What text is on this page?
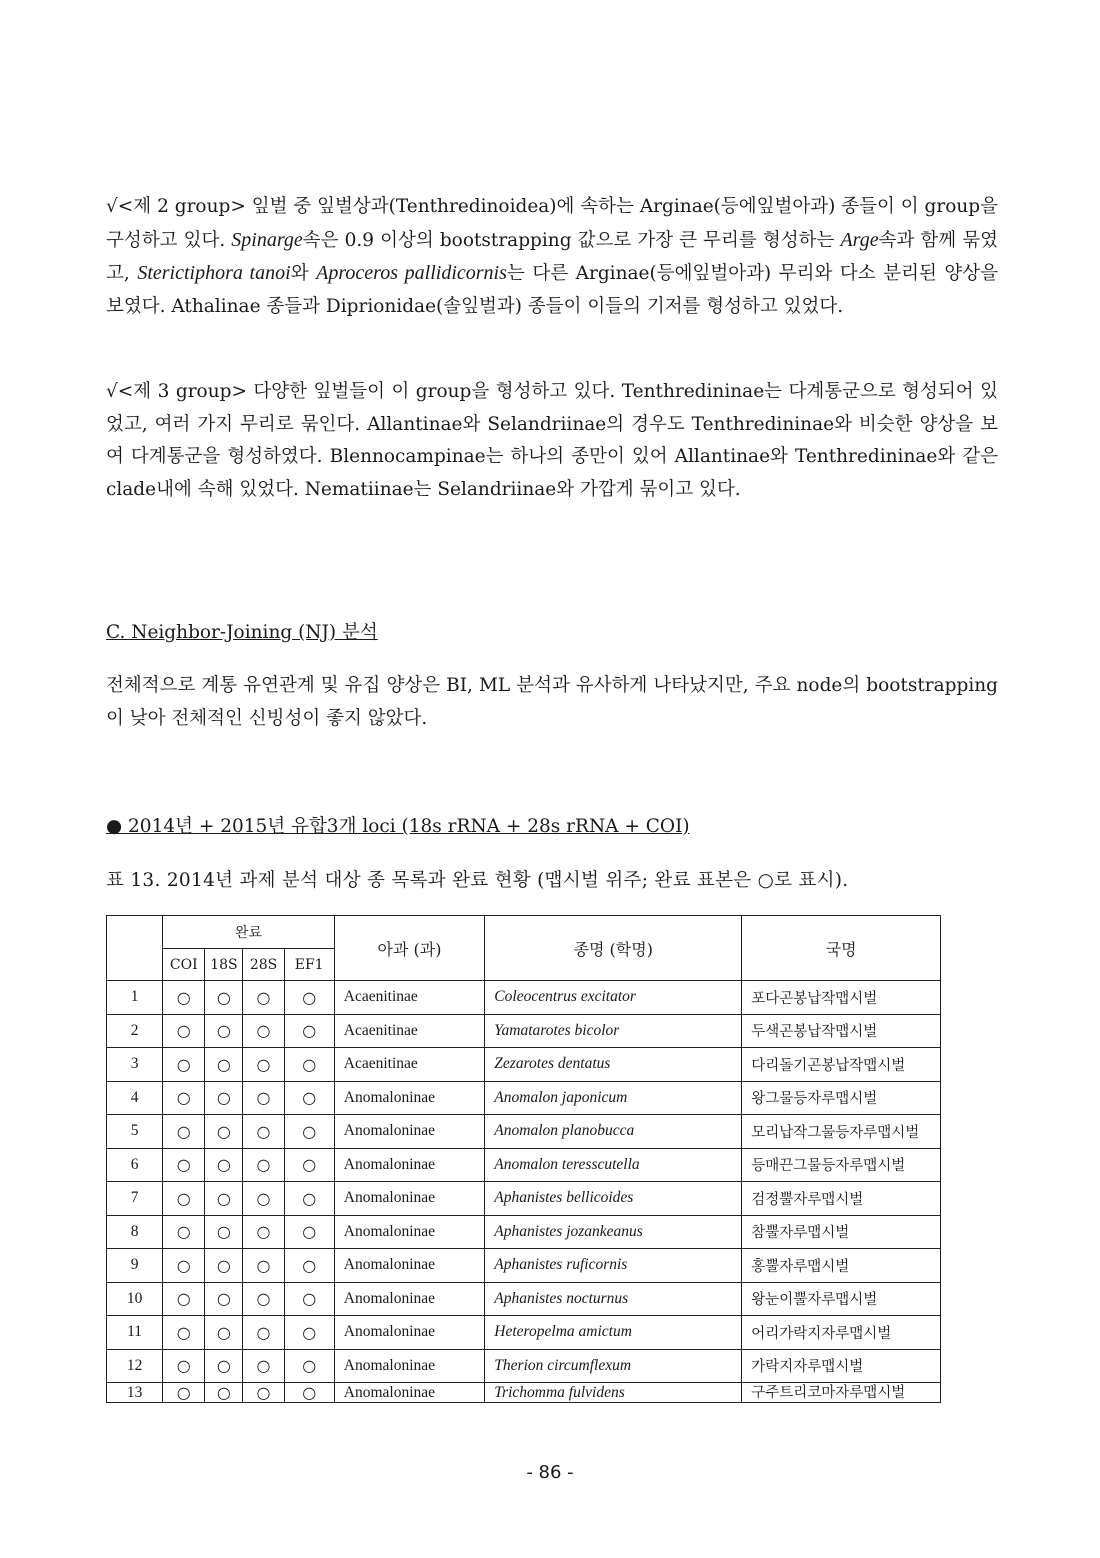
√<제 2 group> 잎벌 중 잎벌상과(Tenthredinoidea)에 속하는 Arginae(등에잎벌아과) 종들이 이 group을 구성하고 있다. Spinarge속은 0.9 이상의 bootstrapping 값으로 가장 큰 무리를 형성하는 Arge속과 함께 묶였고, Sterictiphora tanoi와 Aproceros pallidicornis는 다른 Arginae(등에잎벌아과) 무리와 다소 분리된 양상을 보였다. Athalinae 종들과 Diprionidae(솔잎벌과) 종들이 이들의 기저를 형성하고 있었다.

√<제 3 group> 다양한 잎벌들이 이 group을 형성하고 있다. Tenthredininae는 다계통군으로 형성되어 있었고, 여러 가지 무리로 묶인다. Allantinae와 Selandriinae의 경우도 Tenthredininae와 비슷한 양상을 보여 다계통군을 형성하였다. Blennocampinae는 하나의 종만이 있어 Allantinae와 Tenthredininae와 같은 clade내에 속해 있었다. Nematiinae는 Selandriinae와 가깝게 묶이고 있다.

C. Neighbor-Joining (NJ) 분석

전체적으로 계통 유연관계 및 유집 양상은 BI, ML 분석과 유사하게 나타났지만, 주요 node의 bootstrapping이 낮아 전체적인 신빙성이 좋지 않았다.

● 2014년 + 2015년 유합3개 loci (18s rRNA + 28s rRNA + COI)

표 13. 2014년 과제 분석 대상 종 목록과 완료 현황 (맵시벌 위주; 완료 표본은 ○로 표시).

	완료				아과 (과)	종명 (학명)	국명
	COI	18S	28S	EF1			
1	○	○	○	○	Acaenitinae	Coleocentrus excitator	포다곤봉납작맵시벌
2	○	○	○	○	Acaenitinae	Yamatarotes bicolor	두색곤봉납작맵시벌
3	○	○	○	○	Acaenitinae	Zezarotes dentatus	다리돌기곤봉납작맵시벌
4	○	○	○	○	Anomaloninae	Anomalon japonicum	왕그물등자루맵시벌
5	○	○	○	○	Anomaloninae	Anomalon planobucca	모리납작그물등자루맵시벌
6	○	○	○	○	Anomaloninae	Anomalon teresscutella	등매끈그물등자루맵시벌
7	○	○	○	○	Anomaloninae	Aphanistes bellicoides	검정뿔자루맵시벌
8	○	○	○	○	Anomaloninae	Aphanistes jozankeanus	참뿔자루맵시벌
9	○	○	○	○	Anomaloninae	Aphanistes ruficornis	홍뿔자루맵시벌
10	○	○	○	○	Anomaloninae	Aphanistes nocturnus	왕눈이뿔자루맵시벌
11	○	○	○	○	Anomaloninae	Heteropelma amictum	어리가락지자루맵시벌
12	○	○	○	○	Anomaloninae	Therion circumflexum	가락지자루맵시벌
13	○	○	○	○	Anomaloninae	Trichomma fulvidens	구주트리코마자루맵시벌

- 86 -
